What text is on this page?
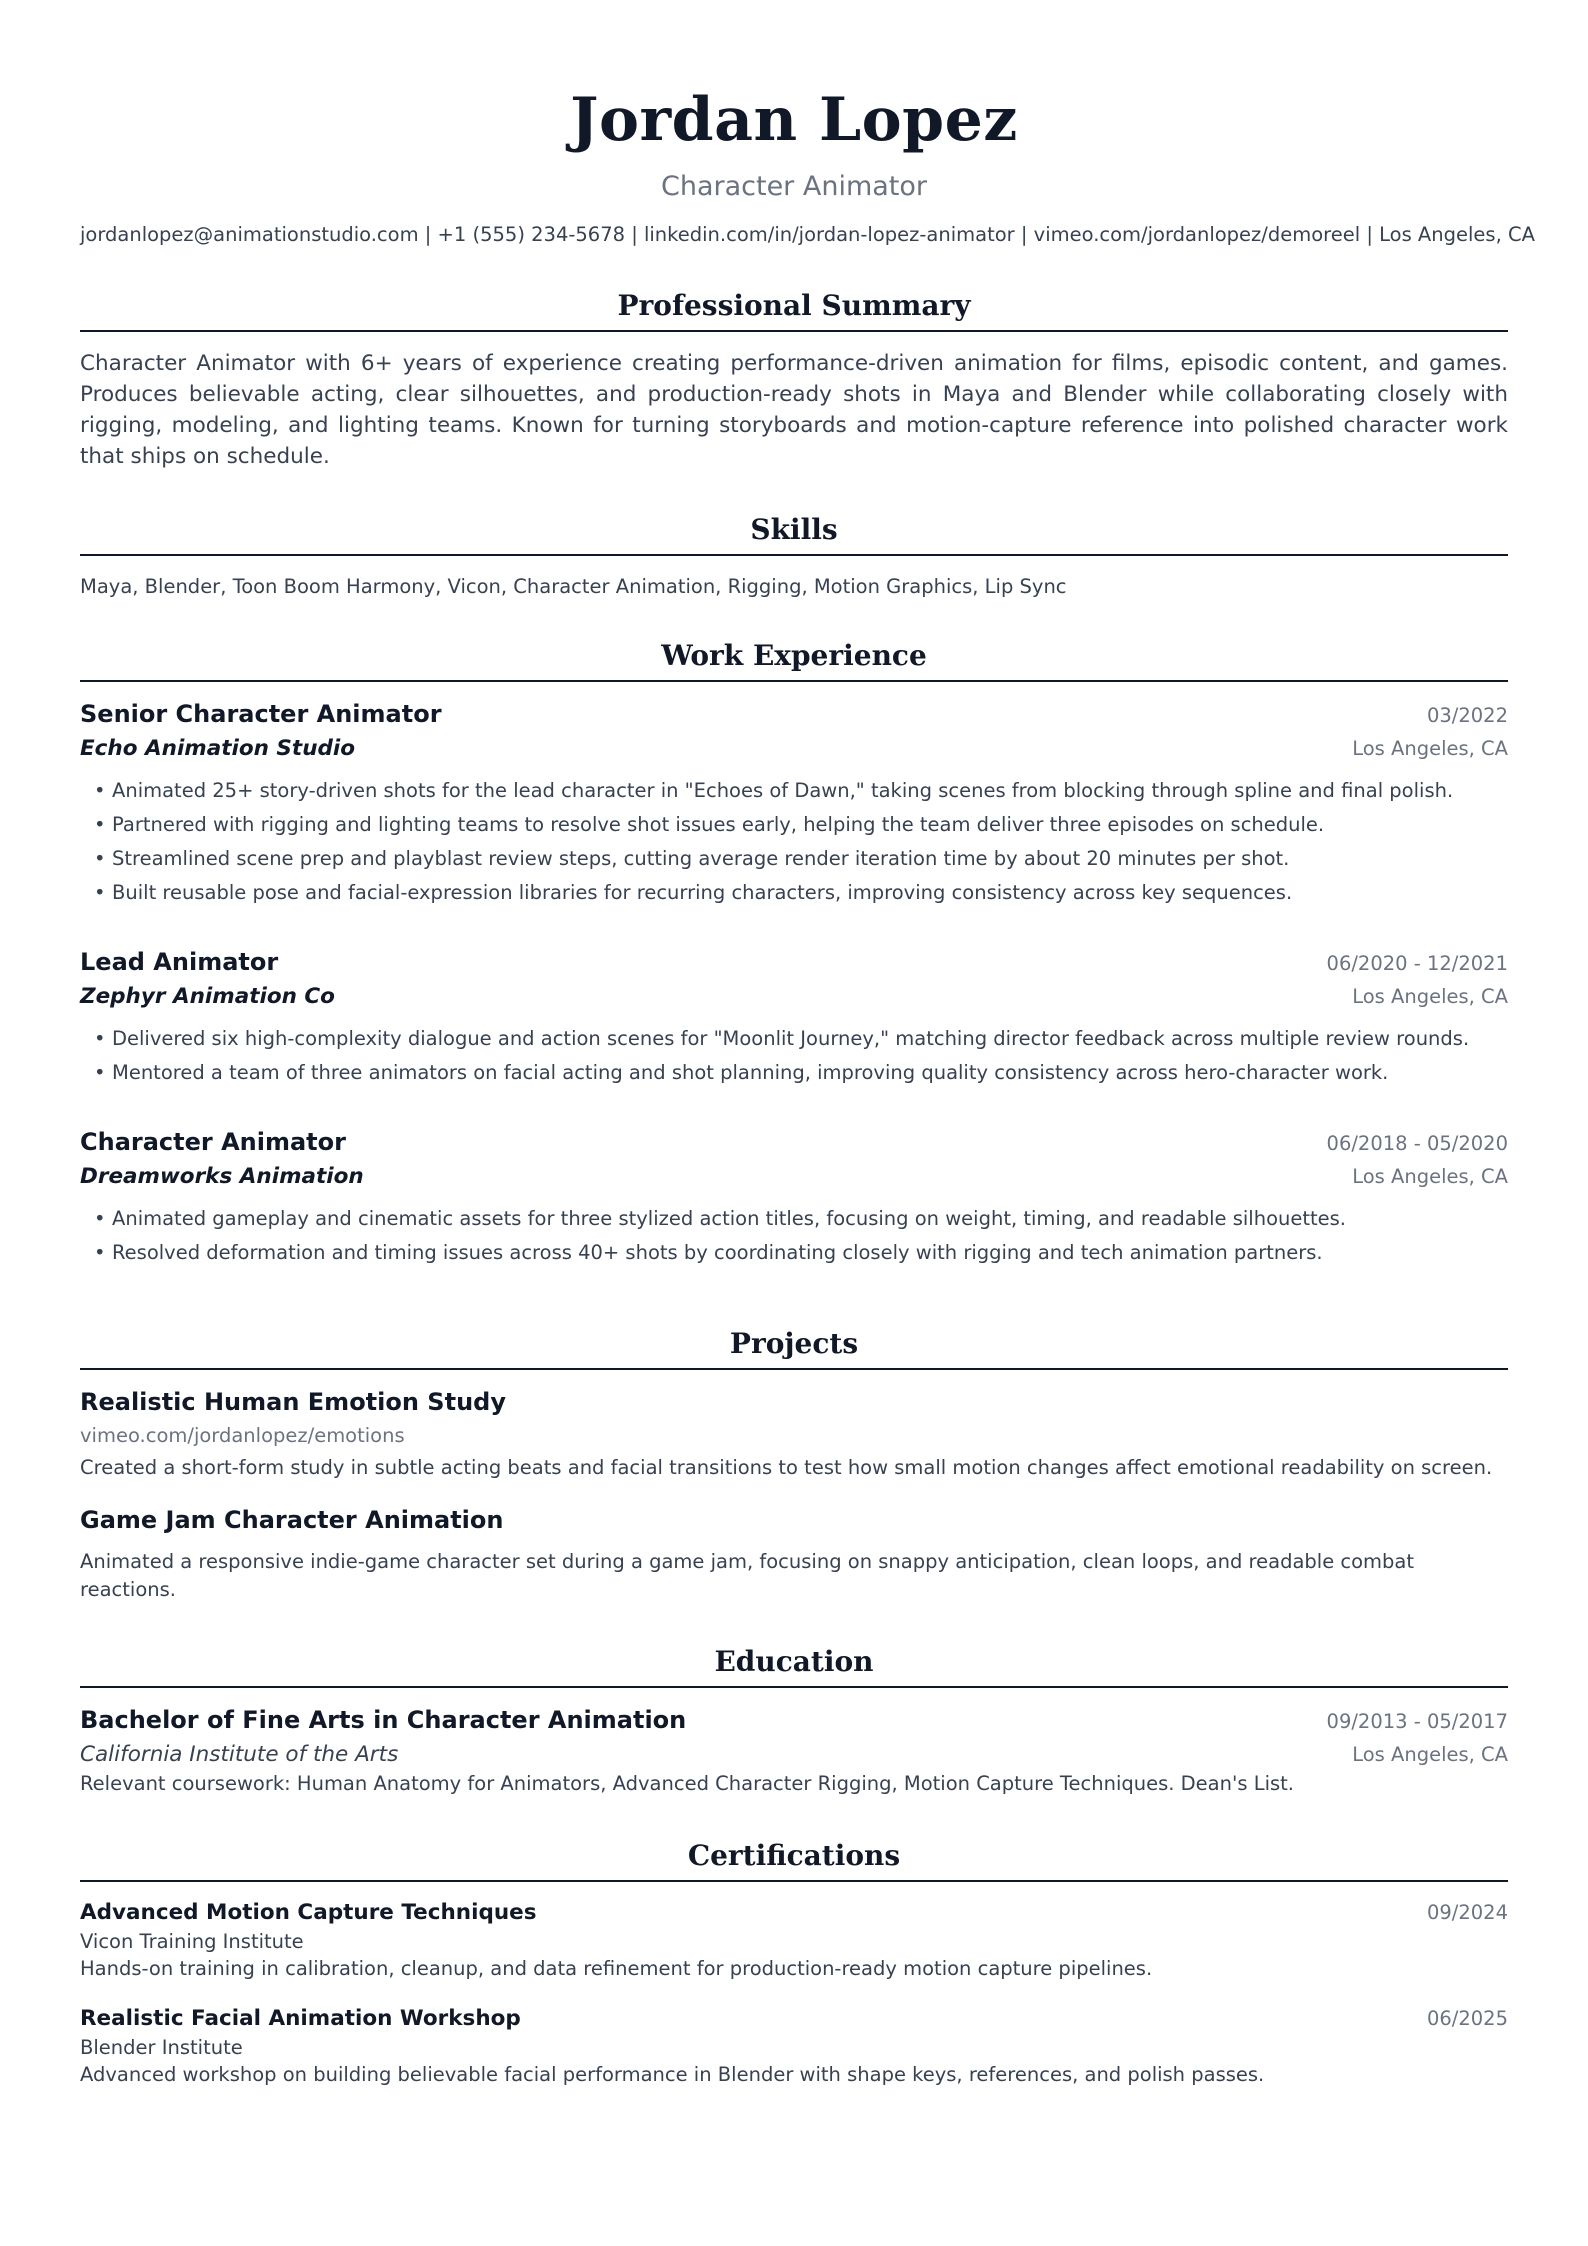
Jordan Lopez
Character Animator
jordanlopez@animationstudio.com | +1 (555) 234-5678 | linkedin.com/in/jordan-lopez-animator | vimeo.com/jordanlopez/demoreel | Los Angeles, CA
Professional Summary
Character Animator with 6+ years of experience creating performance-driven animation for films, episodic content, and games. Produces believable acting, clear silhouettes, and production-ready shots in Maya and Blender while collaborating closely with rigging, modeling, and lighting teams. Known for turning storyboards and motion-capture reference into polished character work that ships on schedule.
Skills
Maya, Blender, Toon Boom Harmony, Vicon, Character Animation, Rigging, Motion Graphics, Lip Sync
Work Experience
Senior Character Animator	03/2022
Echo Animation Studio	Los Angeles, CA
• Animated 25+ story-driven shots for the lead character in "Echoes of Dawn," taking scenes from blocking through spline and final polish.
• Partnered with rigging and lighting teams to resolve shot issues early, helping the team deliver three episodes on schedule.
• Streamlined scene prep and playblast review steps, cutting average render iteration time by about 20 minutes per shot.
• Built reusable pose and facial-expression libraries for recurring characters, improving consistency across key sequences.
Lead Animator	06/2020 - 12/2021
Zephyr Animation Co	Los Angeles, CA
• Delivered six high-complexity dialogue and action scenes for "Moonlit Journey," matching director feedback across multiple review rounds.
• Mentored a team of three animators on facial acting and shot planning, improving quality consistency across hero-character work.
Character Animator	06/2018 - 05/2020
Dreamworks Animation	Los Angeles, CA
• Animated gameplay and cinematic assets for three stylized action titles, focusing on weight, timing, and readable silhouettes.
• Resolved deformation and timing issues across 40+ shots by coordinating closely with rigging and tech animation partners.
Projects
Realistic Human Emotion Study
vimeo.com/jordanlopez/emotions
Created a short-form study in subtle acting beats and facial transitions to test how small motion changes affect emotional readability on screen.
Game Jam Character Animation
Animated a responsive indie-game character set during a game jam, focusing on snappy anticipation, clean loops, and readable combat reactions.
Education
Bachelor of Fine Arts in Character Animation	09/2013 - 05/2017
California Institute of the Arts	Los Angeles, CA
Relevant coursework: Human Anatomy for Animators, Advanced Character Rigging, Motion Capture Techniques. Dean's List.
Certifications
Advanced Motion Capture Techniques	09/2024
Vicon Training Institute
Hands-on training in calibration, cleanup, and data refinement for production-ready motion capture pipelines.
Realistic Facial Animation Workshop	06/2025
Blender Institute
Advanced workshop on building believable facial performance in Blender with shape keys, references, and polish passes.
